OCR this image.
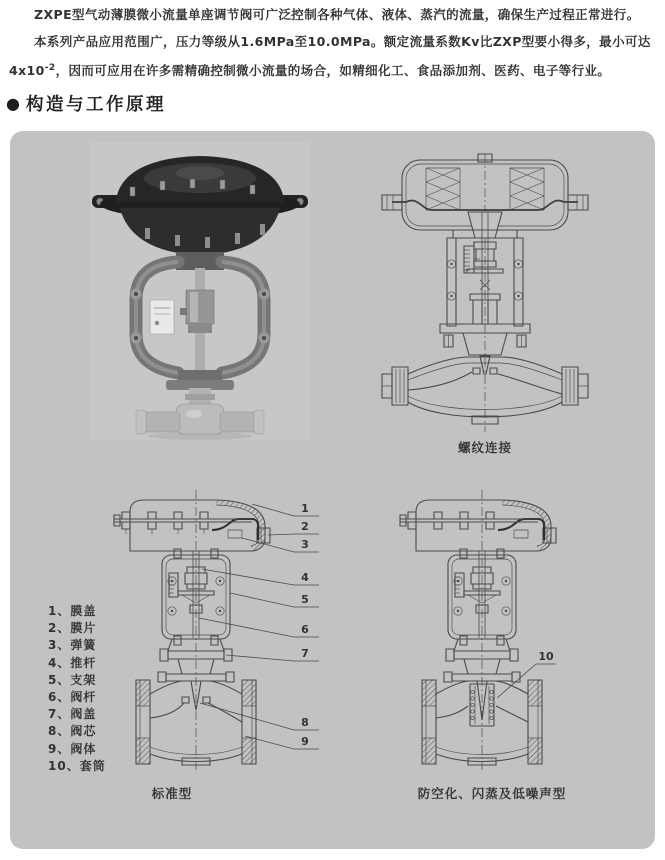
ZXPE型气动薄膜微小流量单座调节阀可广泛控制各种气体、液体、蒸汽的流量，确保生产过程正常进行。

本系列产品应用范围广，压力等级从1.6MPa至10.0MPa。额定流量系数Kv比ZXP型要小得多，最小可达$4x10^{-2}$，因而可应用在许多需精确控制微小流量的场合，如精细化工、食品添加剂、医药、电子等行业。

● 构造与工作原理
螺纹连接
1、膜盖
2、膜片
3、弹簧
4、推杆
5、支架
6、阀杆
7、阀盖
8、阀芯
9、阀体
10、套筒
1
2
3
4
5
6
7
8
9
10
标准型	防空化、闪蒸及低噪声型
